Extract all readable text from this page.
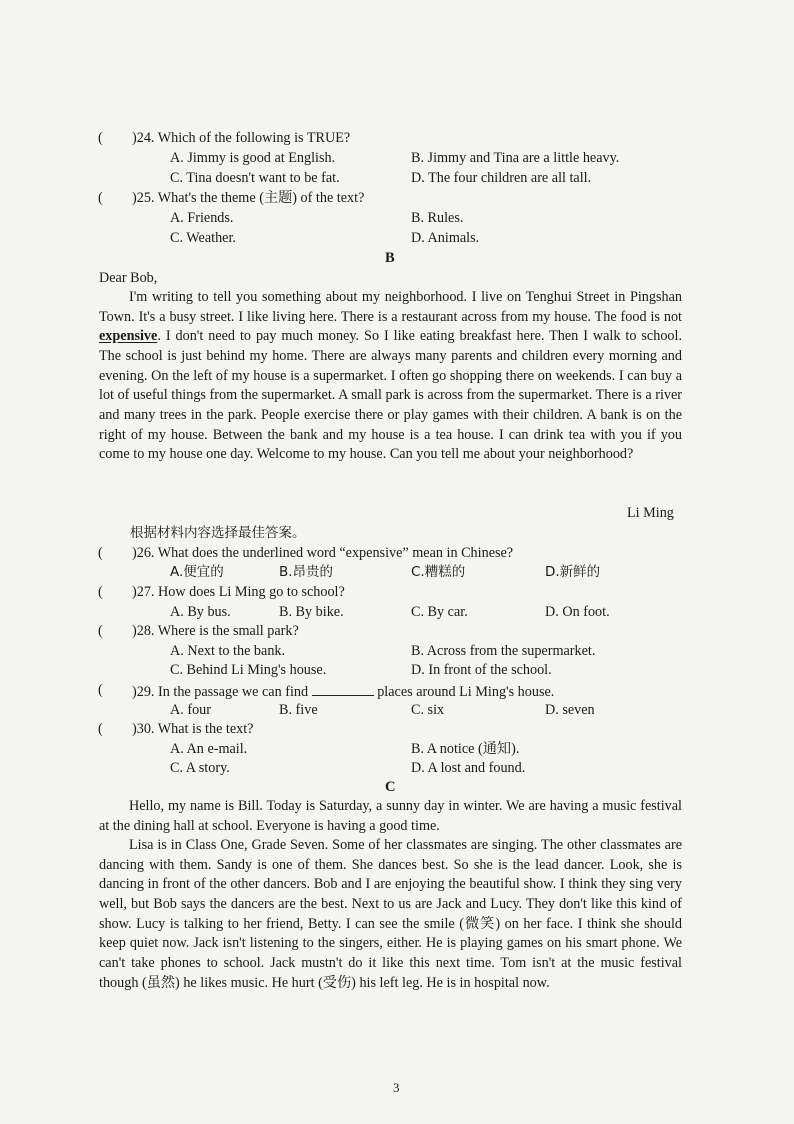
( )24. Which of the following is TRUE?
A. Jimmy is good at English.	B. Jimmy and Tina are a little heavy.
C. Tina doesn't want to be fat.	D. The four children are all tall.
( )25. What's the theme (主题) of the text?
A. Friends.	B. Rules.
C. Weather.	D. Animals.
B
Dear Bob,
I'm writing to tell you something about my neighborhood. I live on Tenghui Street in Pingshan Town. It's a busy street. I like living here. There is a restaurant across from my house. The food is not expensive. I don't need to pay much money. So I like eating breakfast here. Then I walk to school. The school is just behind my home. There are always many parents and children every morning and evening. On the left of my house is a supermarket. I often go shopping there on weekends. I can buy a lot of useful things from the supermarket. A small park is across from the supermarket. There is a river and many trees in the park. People exercise there or play games with their children. A bank is on the right of my house. Between the bank and my house is a tea house. I can drink tea with you if you come to my house one day. Welcome to my house. Can you tell me about your neighborhood?
Li Ming
根据材料内容选择最佳答案。
( )26. What does the underlined word “expensive” mean in Chinese?
A.便宜的	B.昂贵的	C.糟糕的	D.新鲜的
( )27. How does Li Ming go to school?
A. By bus.	B. By bike.	C. By car.	D. On foot.
( )28. Where is the small park?
A. Next to the bank.	B. Across from the supermarket.
C. Behind Li Ming's house.	D. In front of the school.
( )29. In the passage we can find	places around Li Ming's house.
A. four	B. five	C. six	D. seven
( )30. What is the text?
A. An e-mail.	B. A notice (通知).
C. A story.	D. A lost and found.
C
Hello, my name is Bill. Today is Saturday, a sunny day in winter. We are having a music festival at the dining hall at school. Everyone is having a good time.
Lisa is in Class One, Grade Seven. Some of her classmates are singing. The other classmates are dancing with them. Sandy is one of them. She dances best. So she is the lead dancer. Look, she is dancing in front of the other dancers. Bob and I are enjoying the beautiful show. I think they sing very well, but Bob says the dancers are the best. Next to us are Jack and Lucy. They don't like this kind of show. Lucy is talking to her friend, Betty. I can see the smile (微笑) on her face. I think she should keep quiet now. Jack isn't listening to the singers, either. He is playing games on his smart phone. We can't take phones to school. Jack mustn't do it like this next time. Tom isn't at the music festival though (虽然) he likes music. He hurt (受伤) his left leg. He is in hospital now.
3
